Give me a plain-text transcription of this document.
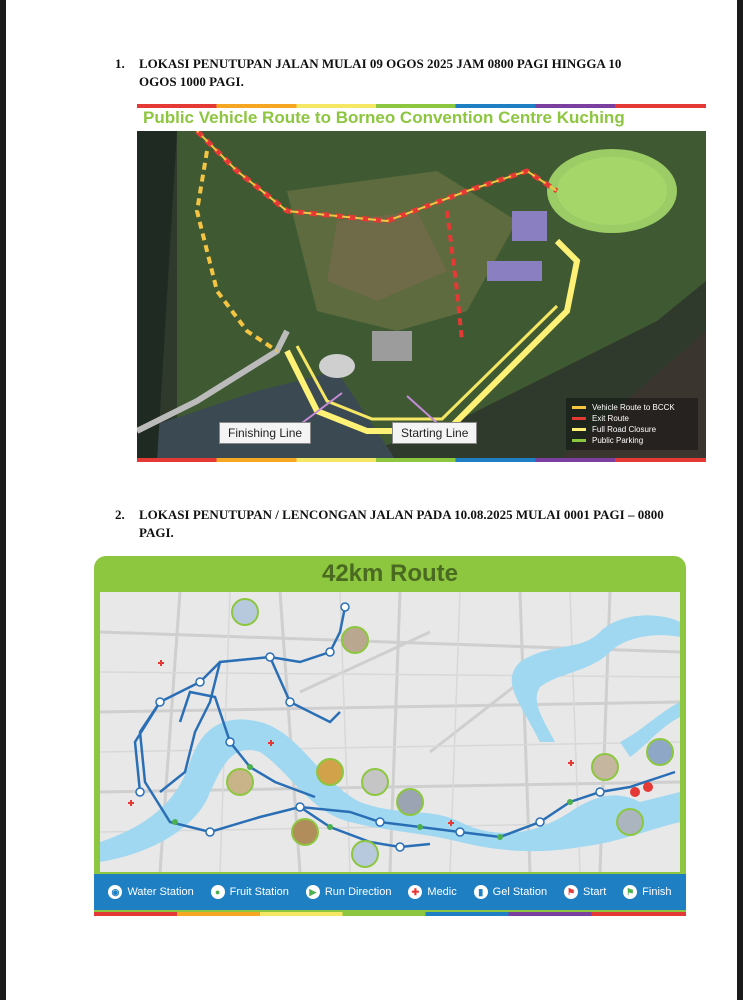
1. LOKASI PENUTUPAN JALAN MULAI 09 OGOS 2025 JAM 0800 PAGI HINGGA 10 OGOS 1000 PAGI.
Public Vehicle Route to Borneo Convention Centre Kuching
Finishing Line	Starting Line
Vehicle Route to BCCK
Exit Route
Full Road Closure
Public Parking
2. LOKASI PENUTUPAN / LENCONGAN JALAN PADA 10.08.2025 MULAI 0001 PAGI – 0800 PAGI.
42km Route
◉ Water Station	● Fruit Station	▶ Run Direction	✚ Medic	▮ Gel Station	⚑ Start	⚑ Finish
